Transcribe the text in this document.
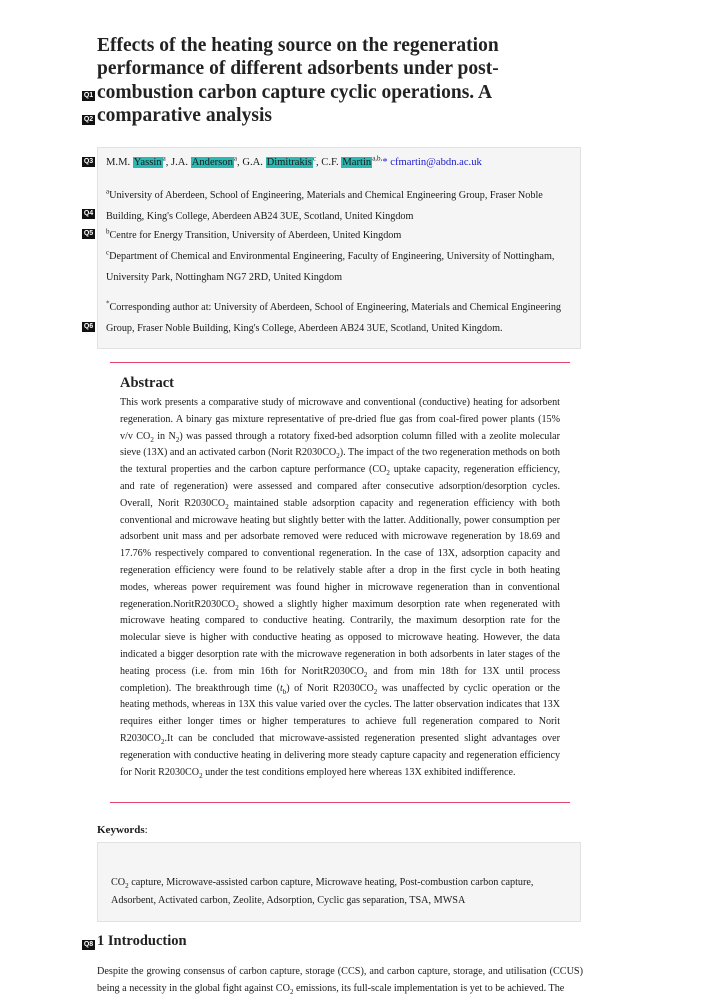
Q1
Q2
Q3
Q4
Q5
Q6
Q8
Effects of the heating source on the regeneration performance of different adsorbents under post-combustion carbon capture cyclic operations. A comparative analysis
M.M. Yassin$^a$, J.A. Anderson$^a$, G.A. Dimitrakis$^c$, C.F. Martin$^{a,b,}$* cfmartin@abdn.ac.uk
$^a$University of Aberdeen, School of Engineering, Materials and Chemical Engineering Group, Fraser Noble Building, King's College, Aberdeen AB24 3UE, Scotland, United Kingdom
$^b$Centre for Energy Transition, University of Aberdeen, United Kingdom
$^c$Department of Chemical and Environmental Engineering, Faculty of Engineering, University of Nottingham, University Park, Nottingham NG7 2RD, United Kingdom
*Corresponding author at: University of Aberdeen, School of Engineering, Materials and Chemical Engineering Group, Fraser Noble Building, King's College, Aberdeen AB24 3UE, Scotland, United Kingdom.
Abstract

This work presents a comparative study of microwave and conventional (conductive) heating for adsorbent regeneration. A binary gas mixture representative of pre-dried flue gas from coal-fired power plants (15% v/v $CO_2$ in $N_2$) was passed through a rotatory fixed-bed adsorption column filled with a zeolite molecular sieve (13X) and an activated carbon (Norit $R2030CO_2$). The impact of the two regeneration methods on both the textural properties and the carbon capture performance ($CO_2$ uptake capacity, regeneration efficiency, and rate of regeneration) were assessed and compared after consecutive adsorption/desorption cycles. Overall, Norit $R2030CO_2$ maintained stable adsorption capacity and regeneration efficiency with both conventional and microwave heating but slightly better with the latter. Additionally, power consumption per adsorbent unit mass and per adsorbate removed were reduced with microwave regeneration by 18.69 and 17.76% respectively compared to conventional regeneration. In the case of 13X, adsorption capacity and regeneration efficiency were found to be relatively stable after a drop in the first cycle in both heating modes, whereas power requirement was found higher in microwave regeneration than in conventional $regeneration.NoritR2030CO_2$ showed a slightly higher maximum desorption rate when regenerated with microwave heating compared to conductive heating. Contrarily, the maximum desorption rate for the molecular sieve is higher with conductive heating as opposed to microwave heating. However, the data indicated a bigger desorption rate with the microwave regeneration in both adsorbents in later stages of the heating process (i.e. from min 16th for $NoritR2030CO_2$ and from min 18th for 13X until process completion). The breakthrough time $(t_b)$ of Norit $R2030CO_2$ was unaffected by cyclic operation or the heating methods, whereas in 13X this value varied over the cycles. The latter observation indicates that 13X requires either longer times or higher temperatures to achieve full regeneration compared to Norit $R2030CO_2.It$ can be concluded that microwave-assisted regeneration presented slight advantages over regeneration with conductive heating in delivering more steady capture capacity and regeneration efficiency for Norit $R2030CO_2$ under the test conditions employed here whereas 13X exhibited indifference.

Keywords:
$CO_2$ capture, Microwave-assisted carbon capture, Microwave heating, Post-combustion carbon capture, Adsorbent, Activated carbon, Zeolite, Adsorption, Cyclic gas separation, TSA, MWSA
1 Introduction

Despite the growing consensus of carbon capture, storage (CCS), and carbon capture, storage, and utilisation (CCUS) being a necessity in the global fight against $CO_2$ emissions, its full-scale implementation is yet to be achieved. The
